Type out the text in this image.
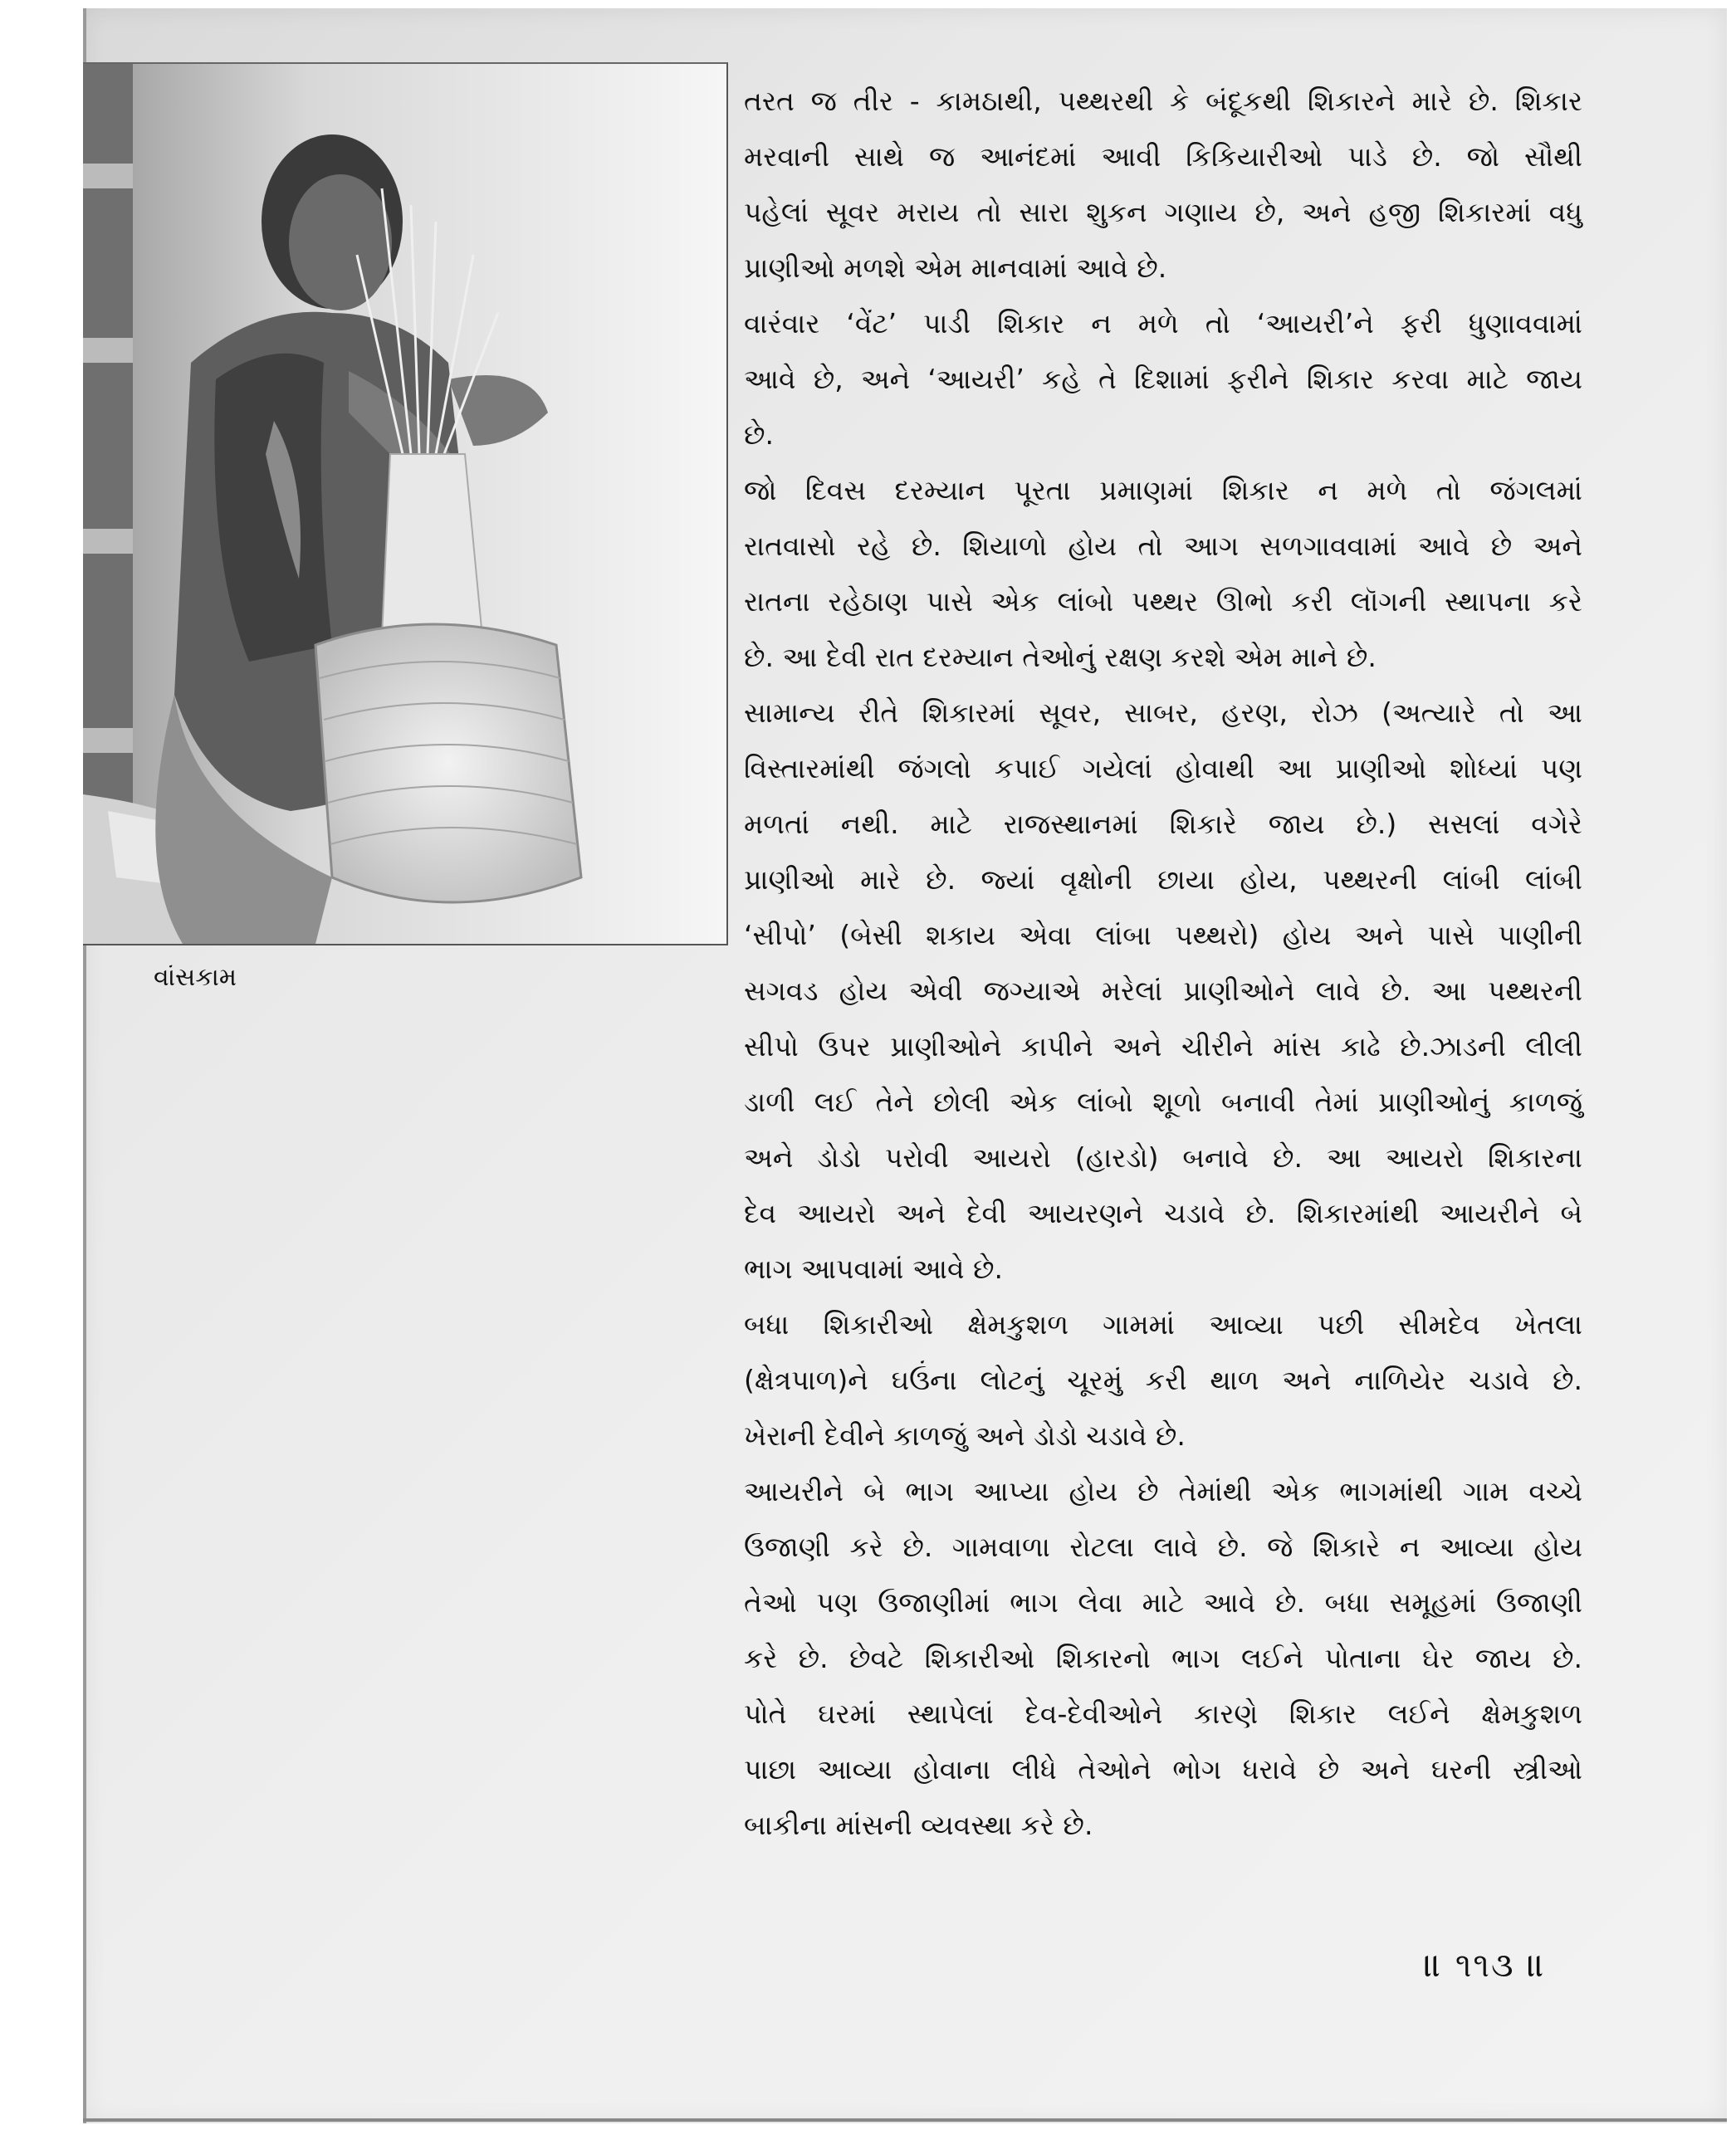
વાંસકામ

તરત જ તીર - કામઠાથી, પથ્થરથી કે બંદૂકથી શિકારને મારે છે. શિકાર
મરવાની સાથે જ આનંદમાં આવી કિકિયારીઓ પાડે છે. જો સૌથી
પહેલાં સૂવર મરાય તો સારા શુકન ગણાય છે, અને હજી શિકારમાં વધુ
પ્રાણીઓ મળશે એમ માનવામાં આવે છે.

વારંવાર ‘વેંટ’ પાડી શિકાર ન મળે તો ‘આયરી’ને ફરી ધુણાવવામાં
આવે છે, અને ‘આયરી’ કહે તે દિશામાં ફરીને શિકાર કરવા માટે જાય
છે.

જો દિવસ દરમ્યાન પૂરતા પ્રમાણમાં શિકાર ન મળે તો જંગલમાં
રાતવાસો રહે છે. શિયાળો હોય તો આગ સળગાવવામાં આવે છે અને
રાતના રહેઠાણ પાસે એક લાંબો પથ્થર ઊભો કરી લૉગની સ્થાપના કરે
છે. આ દેવી રાત દરમ્યાન તેઓનું રક્ષણ કરશે એમ માને છે.

સામાન્ય રીતે શિકારમાં સૂવર, સાબર, હરણ, રોઝ (અત્યારે તો આ
વિસ્તારમાંથી જંગલો કપાઈ ગયેલાં હોવાથી આ પ્રાણીઓ શોધ્યાં પણ
મળતાં નથી. માટે રાજસ્થાનમાં શિકારે જાય છે.) સસલાં વગેરે
પ્રાણીઓ મારે છે. જ્યાં વૃક્ષોની છાયા હોય, પથ્થરની લાંબી લાંબી
‘સીપો’ (બેસી શકાય એવા લાંબા પથ્થરો) હોય અને પાસે પાણીની
સગવડ હોય એવી જગ્યાએ મરેલાં પ્રાણીઓને લાવે છે. આ પથ્થરની
સીપો ઉપર પ્રાણીઓને કાપીને અને ચીરીને માંસ કાઢે છે.ઝાડની લીલી
ડાળી લઈ તેને છોલી એક લાંબો શૂળો બનાવી તેમાં પ્રાણીઓનું કાળજું
અને ડોડો પરોવી આયરો (હારડો) બનાવે છે. આ આયરો શિકારના
દેવ આયરો અને દેવી આયરણને ચડાવે છે. શિકારમાંથી આયરીને બે
ભાગ આપવામાં આવે છે.

બધા શિકારીઓ ક્ષેમકુશળ ગામમાં આવ્યા પછી સીમદેવ ખેતલા
(ક્ષેત્રપાળ)ને ઘઉંના લોટનું ચૂરમું કરી થાળ અને નાળિયેર ચડાવે છે.
ખેરાની દેવીને કાળજું અને ડોડો ચડાવે છે.

આયરીને બે ભાગ આપ્યા હોય છે તેમાંથી એક ભાગમાંથી ગામ વચ્ચે
ઉજાણી કરે છે. ગામવાળા રોટલા લાવે છે. જે શિકારે ન આવ્યા હોય
તેઓ પણ ઉજાણીમાં ભાગ લેવા માટે આવે છે. બધા સમૂહમાં ઉજાણી
કરે છે. છેવટે શિકારીઓ શિકારનો ભાગ લઈને પોતાના ઘેર જાય છે.
પોતે ઘરમાં સ્થાપેલાં દેવ-દેવીઓને કારણે શિકાર લઈને ક્ષેમકુશળ
પાછા આવ્યા હોવાના લીધે તેઓને ભોગ ધરાવે છે અને ઘરની સ્ત્રીઓ
બાકીના માંસની વ્યવસ્થા કરે છે.

॥ ૧૧૩ ॥
